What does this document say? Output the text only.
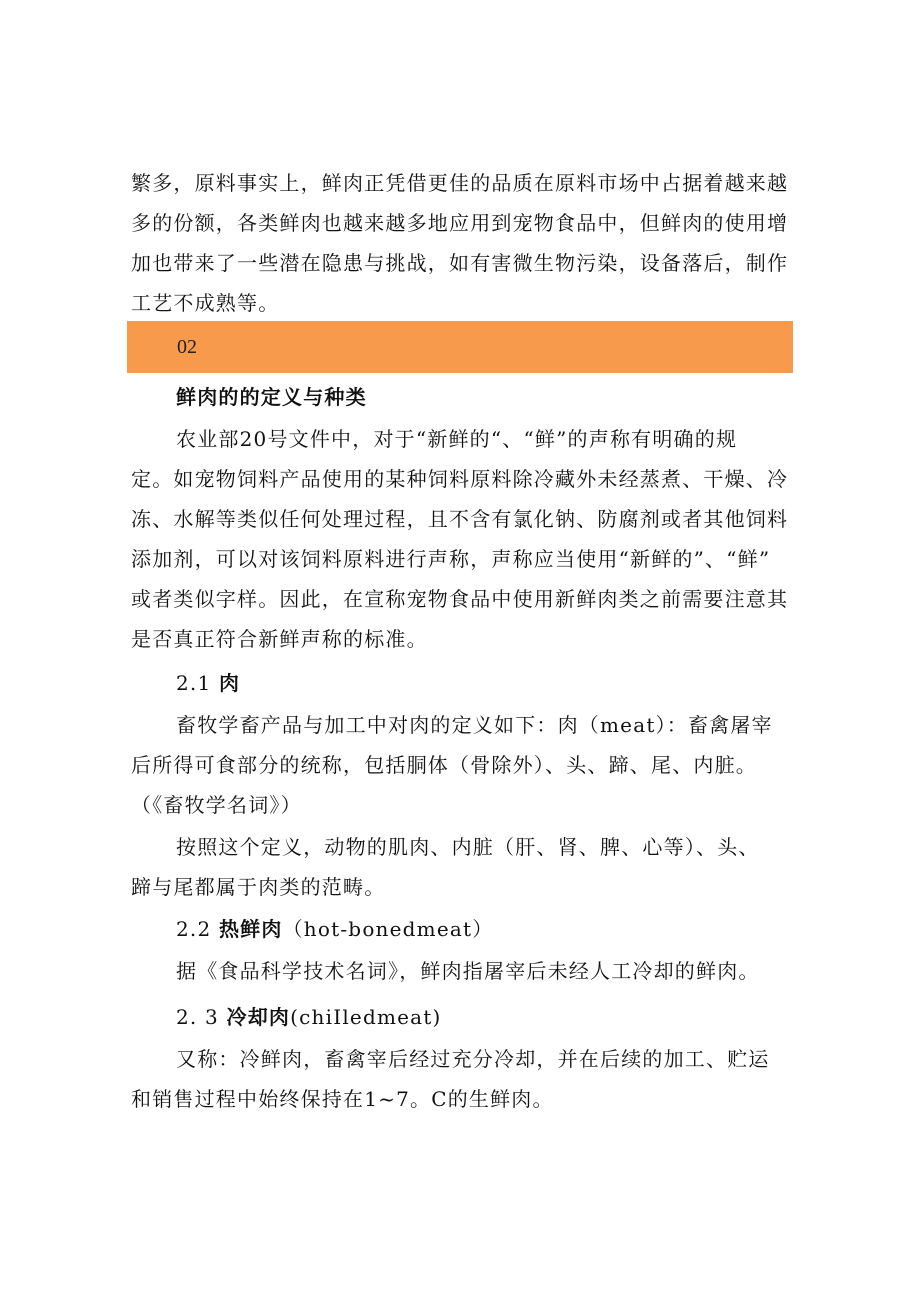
繁多，原料事实上，鲜肉正凭借更佳的品质在原料市场中占据着越来越
多的份额，各类鲜肉也越来越多地应用到宠物食品中，但鲜肉的使用增
加也带来了一些潜在隐患与挑战，如有害微生物污染，设备落后，制作
工艺不成熟等。
02
鲜肉的的定义与种类
农业部20号文件中，对于“新鲜的“、“鲜”的声称有明确的规
定。如宠物饲料产品使用的某种饲料原料除冷藏外未经蒸煮、干燥、冷
冻、水解等类似任何处理过程，且不含有氯化钠、防腐剂或者其他饲料
添加剂，可以对该饲料原料进行声称，声称应当使用“新鲜的”、“鲜”
或者类似字样。因此，在宣称宠物食品中使用新鲜肉类之前需要注意其
是否真正符合新鲜声称的标准。
2.1 肉
畜牧学畜产品与加工中对肉的定义如下：肉（meat）：畜禽屠宰
后所得可食部分的统称，包括胴体（骨除外）、头、蹄、尾、内脏。
（《畜牧学名词》）
按照这个定义，动物的肌肉、内脏（肝、肾、脾、心等）、头、
蹄与尾都属于肉类的范畴。
2.2 热鲜肉（hot-bonedmeat）
据《食品科学技术名词》，鲜肉指屠宰后未经人工冷却的鲜肉。
2. 3 冷却肉(chiIledmeat)
又称：冷鲜肉，畜禽宰后经过充分冷却，并在后续的加工、贮运
和销售过程中始终保持在1~7。C的生鲜肉。
